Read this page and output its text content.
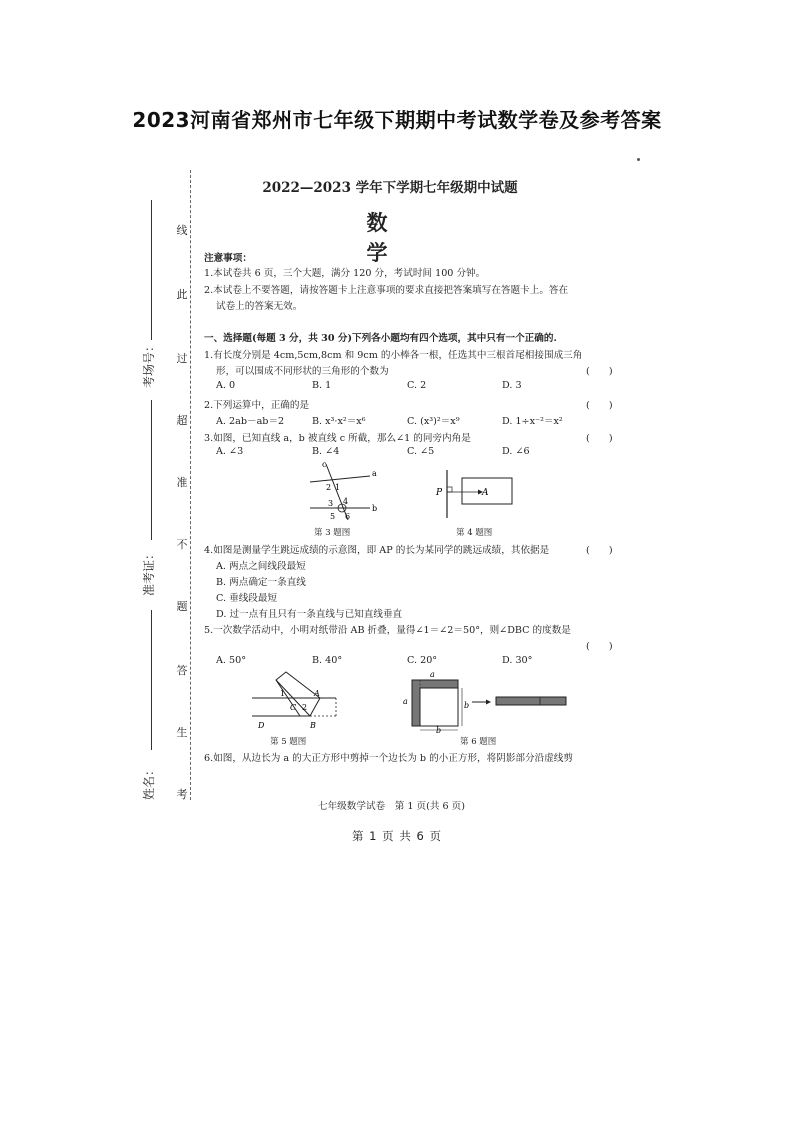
2023河南省郑州市七年级下期期中考试数学卷及参考答案
线
此
过
超
准
不
题
答
生
考
考场号：
准考证：
姓名：
2022—2023 学年下学期七年级期中试题
数 学
注意事项：
1.本试卷共 6 页，三个大题，满分 120 分，考试时间 100 分钟。
2.本试卷上不要答题，请按答题卡上注意事项的要求直接把答案填写在答题卡上。答在
试卷上的答案无效。
一、选择题(每题 3 分，共 30 分)下列各小题均有四个选项，其中只有一个正确的.
1.有长度分别是 4cm,5cm,8cm 和 9cm 的小棒各一根，任选其中三根首尾相接围成三角
形，可以围成不同形状的三角形的个数为	(　　)
A. 0	B. 1	C. 2	D. 3
2.下列运算中，正确的是	(　　)
A. 2ab－ab＝2	B. x³·x²＝x⁶	C. (x³)²＝x⁹	D. 1÷x⁻²＝x²
3.如图，已知直线 a，b 被直线 c 所截，那么∠1 的同旁内角是	(　　)
A. ∠3	B. ∠4	C. ∠5	D. ∠6
c
a
b
1
2
3 4
5 6
第 3 题图
P	A
第 4 题图
4.如图是测量学生跳远成绩的示意图，即 AP 的长为某同学的跳远成绩，其依据是	(　　)
A. 两点之间线段最短
B. 两点确定一条直线
C. 垂线段最短
D. 过一点有且只有一条直线与已知直线垂直
5.一次数学活动中，小明对纸带沿 AB 折叠，量得∠1＝∠2＝50°，则∠DBC 的度数是
(　　)
A. 50°	B. 40°	C. 20°	D. 30°
1
2
A
C
D	B
第 5 题图
a
a	b
b
第 6 题图
6.如图，从边长为 a 的大正方形中剪掉一个边长为 b 的小正方形，将阴影部分沿虚线剪
七年级数学试卷　第 1 页(共 6 页)
第 1 页 共 6 页
